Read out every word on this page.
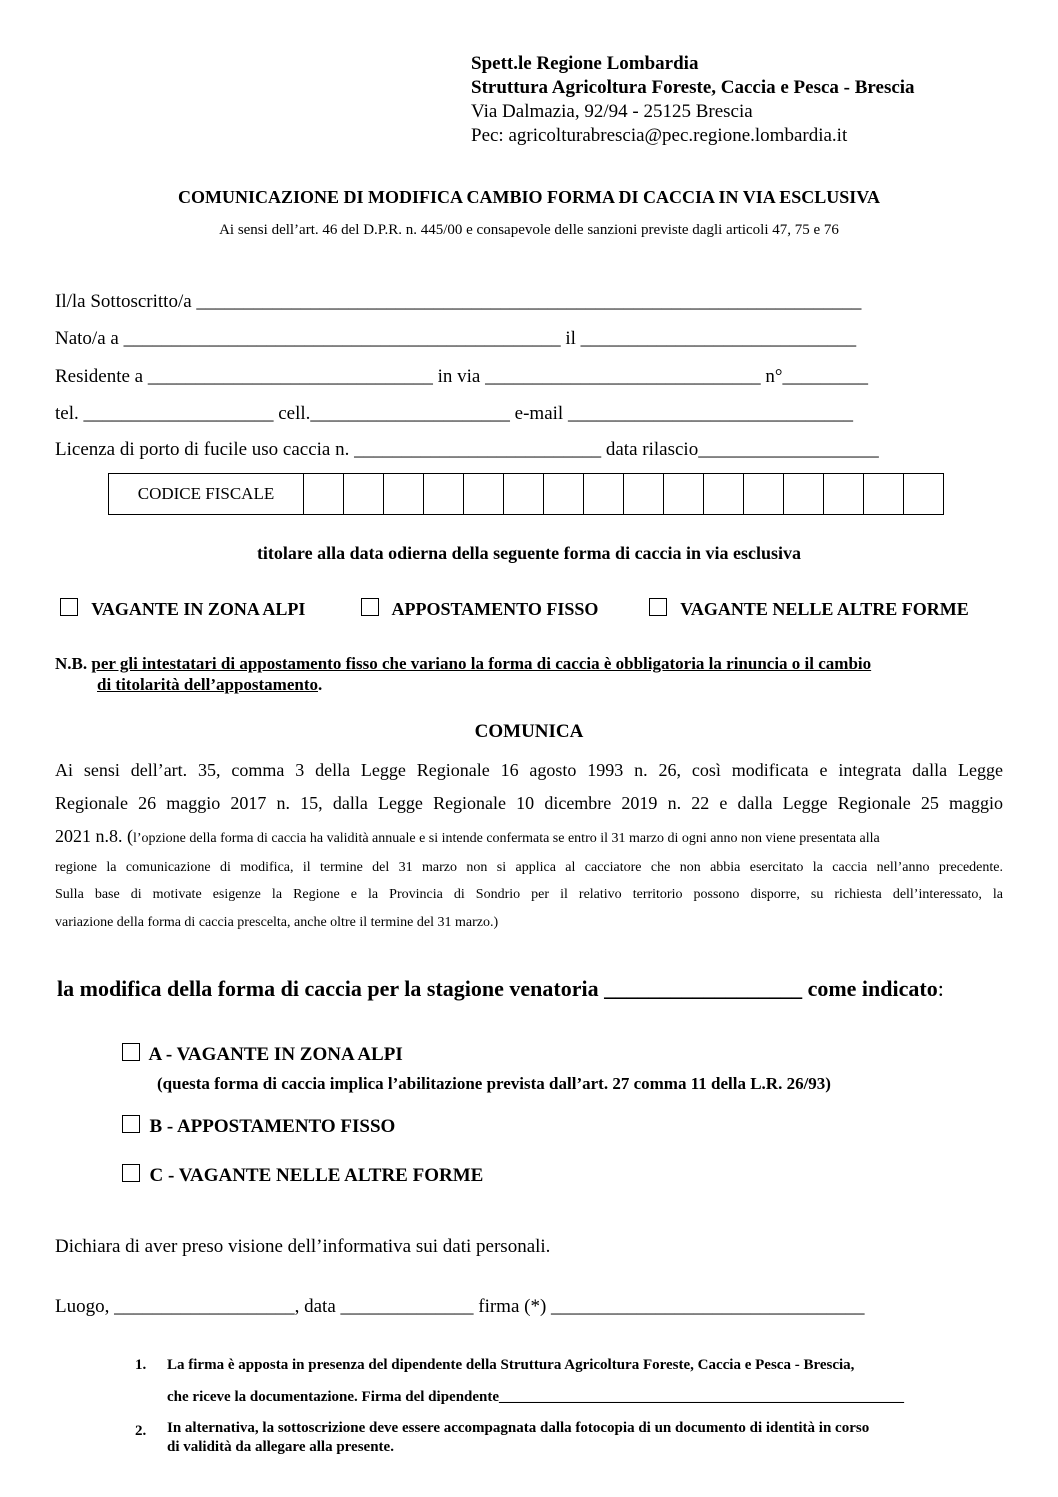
Spett.le Regione Lombardia
Struttura Agricoltura Foreste, Caccia e Pesca - Brescia
Via Dalmazia, 92/94 - 25125 Brescia
Pec: agricolturabrescia@pec.regione.lombardia.it
COMUNICAZIONE DI MODIFICA CAMBIO FORMA DI CACCIA IN VIA ESCLUSIVA
Ai sensi dell’art. 46 del D.P.R. n. 445/00 e consapevole delle sanzioni previste dagli articoli 47, 75 e 76
Il/la Sottoscritto/a ______________________________________________________________________
Nato/a a ______________________________________________ il _____________________________
Residente a ______________________________ in via _____________________________ n°_________
tel. ____________________ cell._____________________ e-mail ______________________________
Licenza di porto di fucile uso caccia n. __________________________ data rilascio___________________
CODICE FISCALE																
titolare alla data odierna della seguente forma di caccia in via esclusiva
VAGANTE IN ZONA ALPI	APPOSTAMENTO FISSO	VAGANTE NELLE ALTRE FORME
N.B. per gli intestatari di appostamento fisso che variano la forma di caccia è obbligatoria la rinuncia o il cambio
di titolarità dell’appostamento.
COMUNICA
Ai sensi dell’art. 35, comma 3 della Legge Regionale 16 agosto 1993 n. 26, così modificata e integrata dalla Legge
Regionale 26 maggio 2017 n. 15, dalla Legge Regionale 10 dicembre 2019 n. 22 e dalla Legge Regionale 25 maggio
2021 n.8. (l’opzione della forma di caccia ha validità annuale e si intende confermata se entro il 31 marzo di ogni anno non viene presentata alla
regione la comunicazione di modifica, il termine del 31 marzo non si applica al cacciatore che non abbia esercitato la caccia nell’anno precedente.
Sulla base di motivate esigenze la Regione e la Provincia di Sondrio per il relativo territorio possono disporre, su richiesta dell’interessato, la
variazione della forma di caccia prescelta, anche oltre il termine del 31 marzo.)
la modifica della forma di caccia per la stagione venatoria __________________ come indicato:
A - VAGANTE IN ZONA ALPI
(questa forma di caccia implica l’abilitazione prevista dall’art. 27 comma 11 della L.R. 26/93)
B - APPOSTAMENTO FISSO
C - VAGANTE NELLE ALTRE FORME
Dichiara di aver preso visione dell’informativa sui dati personali.
Luogo, ___________________, data ______________ firma (*) _________________________________
1. La firma è apposta in presenza del dipendente della Struttura Agricoltura Foreste, Caccia e Pesca - Brescia,
che riceve la documentazione. Firma del dipendente______________________________________________________
2. In alternativa, la sottoscrizione deve essere accompagnata dalla fotocopia di un documento di identità in corso
di validità da allegare alla presente.
